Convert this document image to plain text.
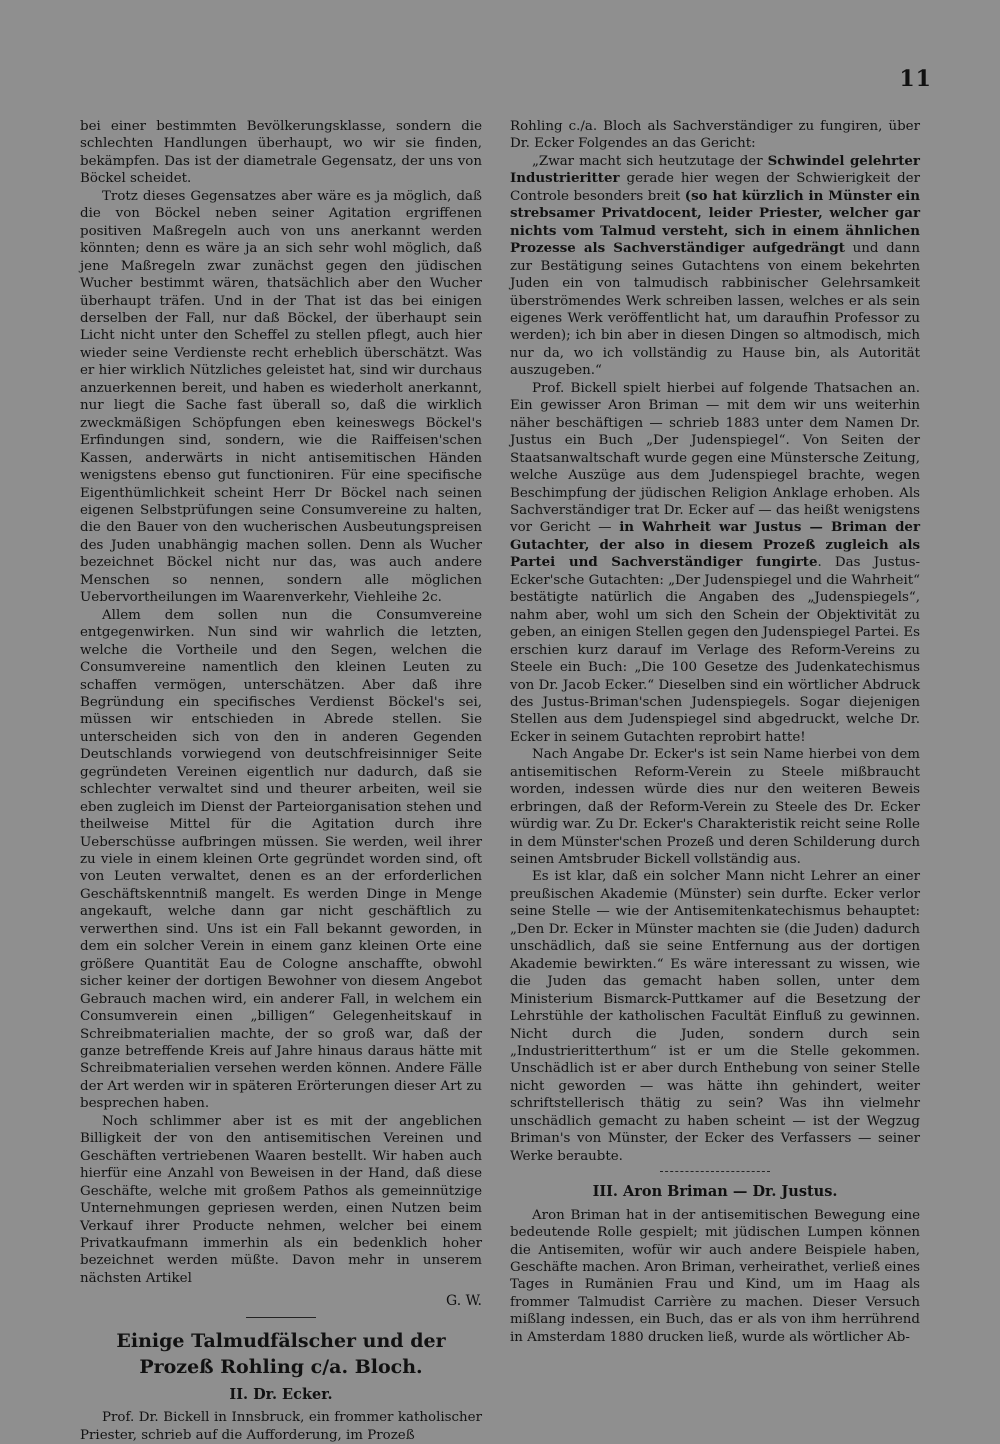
11

bei einer bestimmten Bevölkerungsklasse, sondern die schlechten Handlungen überhaupt, wo wir sie finden, bekämpfen. Das ist der diametrale Gegensatz, der uns von Böckel scheidet.

Trotz dieses Gegensatzes aber wäre es ja möglich, daß die von Böckel neben seiner Agitation ergriffenen positiven Maßregeln auch von uns anerkannt werden könnten; denn es wäre ja an sich sehr wohl möglich, daß jene Maßregeln zwar zunächst gegen den jüdischen Wucher bestimmt wären, thatsächlich aber den Wucher überhaupt träfen. Und in der That ist das bei einigen derselben der Fall, nur daß Böckel, der überhaupt sein Licht nicht unter den Scheffel zu stellen pflegt, auch hier wieder seine Verdienste recht erheblich überschätzt. Was er hier wirklich Nützliches geleistet hat, sind wir durchaus anzuerkennen bereit, und haben es wiederholt anerkannt, nur liegt die Sache fast überall so, daß die wirklich zweckmäßigen Schöpfungen eben keineswegs Böckel's Erfindungen sind, sondern, wie die Raiffeisen'schen Kassen, anderwärts in nicht antisemitischen Händen wenigstens ebenso gut functioniren. Für eine specifische Eigenthümlichkeit scheint Herr Dr Böckel nach seinen eigenen Selbstprüfungen seine Consumvereine zu halten, die den Bauer von den wucherischen Ausbeutungspreisen des Juden unabhängig machen sollen. Denn als Wucher bezeichnet Böckel nicht nur das, was auch andere Menschen so nennen, sondern alle möglichen Uebervortheilungen im Waarenverkehr, Viehleihe 2c.

Allem dem sollen nun die Consumvereine entgegenwirken. Nun sind wir wahrlich die letzten, welche die Vortheile und den Segen, welchen die Consumvereine namentlich den kleinen Leuten zu schaffen vermögen, unterschätzen. Aber daß ihre Begründung ein specifisches Verdienst Böckel's sei, müssen wir entschieden in Abrede stellen. Sie unterscheiden sich von den in anderen Gegenden Deutschlands vorwiegend von deutschfreisinniger Seite gegründeten Vereinen eigentlich nur dadurch, daß sie schlechter verwaltet sind und theurer arbeiten, weil sie eben zugleich im Dienst der Parteiorganisation stehen und theilweise Mittel für die Agitation durch ihre Ueberschüsse aufbringen müssen. Sie werden, weil ihrer zu viele in einem kleinen Orte gegründet worden sind, oft von Leuten verwaltet, denen es an der erforderlichen Geschäftskenntniß mangelt. Es werden Dinge in Menge angekauft, welche dann gar nicht geschäftlich zu verwerthen sind. Uns ist ein Fall bekannt geworden, in dem ein solcher Verein in einem ganz kleinen Orte eine größere Quantität Eau de Cologne anschaffte, obwohl sicher keiner der dortigen Bewohner von diesem Angebot Gebrauch machen wird, ein anderer Fall, in welchem ein Consumverein einen „billigen“ Gelegenheitskauf in Schreibmaterialien machte, der so groß war, daß der ganze betreffende Kreis auf Jahre hinaus daraus hätte mit Schreibmaterialien versehen werden können. Andere Fälle der Art werden wir in späteren Erörterungen dieser Art zu besprechen haben.

Noch schlimmer aber ist es mit der angeblichen Billigkeit der von den antisemitischen Vereinen und Geschäften vertriebenen Waaren bestellt. Wir haben auch hierfür eine Anzahl von Beweisen in der Hand, daß diese Geschäfte, welche mit großem Pathos als gemeinnützige Unternehmungen gepriesen werden, einen Nutzen beim Verkauf ihrer Producte nehmen, welcher bei einem Privatkaufmann immerhin als ein bedenklich hoher bezeichnet werden müßte. Davon mehr in unserem nächsten Artikel

G. W.
Einige Talmudfälscher und der Prozeß Rohling c/a. Bloch.
II. Dr. Ecker.

Prof. Dr. Bickell in Innsbruck, ein frommer katholischer Priester, schrieb auf die Aufforderung, im Prozeß

Rohling c./a. Bloch als Sachverständiger zu fungiren, über Dr. Ecker Folgendes an das Gericht:

„Zwar macht sich heutzutage der Schwindel gelehrter Industrieritter gerade hier wegen der Schwierigkeit der Controle besonders breit (so hat kürzlich in Münster ein strebsamer Privatdocent, leider Priester, welcher gar nichts vom Talmud versteht, sich in einem ähnlichen Prozesse als Sachverständiger aufgedrängt und dann zur Bestätigung seines Gutachtens von einem bekehrten Juden ein von talmudisch rabbinischer Gelehrsamkeit überströmendes Werk schreiben lassen, welches er als sein eigenes Werk veröffentlicht hat, um daraufhin Professor zu werden); ich bin aber in diesen Dingen so altmodisch, mich nur da, wo ich vollständig zu Hause bin, als Autorität auszugeben.“

Prof. Bickell spielt hierbei auf folgende Thatsachen an. Ein gewisser Aron Briman — mit dem wir uns weiterhin näher beschäftigen — schrieb 1883 unter dem Namen Dr. Justus ein Buch „Der Judenspiegel“. Von Seiten der Staatsanwaltschaft wurde gegen eine Münstersche Zeitung, welche Auszüge aus dem Judenspiegel brachte, wegen Beschimpfung der jüdischen Religion Anklage erhoben. Als Sachverständiger trat Dr. Ecker auf — das heißt wenigstens vor Gericht — in Wahrheit war Justus — Briman der Gutachter, der also in diesem Prozeß zugleich als Partei und Sachverständiger fungirte. Das Justus-Ecker'sche Gutachten: „Der Judenspiegel und die Wahrheit“ bestätigte natürlich die Angaben des „Judenspiegels“, nahm aber, wohl um sich den Schein der Objektivität zu geben, an einigen Stellen gegen den Judenspiegel Partei. Es erschien kurz darauf im Verlage des Reform-Vereins zu Steele ein Buch: „Die 100 Gesetze des Judenkatechismus von Dr. Jacob Ecker.“ Dieselben sind ein wörtlicher Abdruck des Justus-Briman'schen Judenspiegels. Sogar diejenigen Stellen aus dem Judenspiegel sind abgedruckt, welche Dr. Ecker in seinem Gutachten reprobirt hatte!

Nach Angabe Dr. Ecker's ist sein Name hierbei von dem antisemitischen Reform-Verein zu Steele mißbraucht worden, indessen würde dies nur den weiteren Beweis erbringen, daß der Reform-Verein zu Steele des Dr. Ecker würdig war. Zu Dr. Ecker's Charakteristik reicht seine Rolle in dem Münster'schen Prozeß und deren Schilderung durch seinen Amtsbruder Bickell vollständig aus.

Es ist klar, daß ein solcher Mann nicht Lehrer an einer preußischen Akademie (Münster) sein durfte. Ecker verlor seine Stelle — wie der Antisemitenkatechismus behauptet: „Den Dr. Ecker in Münster machten sie (die Juden) dadurch unschädlich, daß sie seine Entfernung aus der dortigen Akademie bewirkten.“ Es wäre interessant zu wissen, wie die Juden das gemacht haben sollen, unter dem Ministerium Bismarck-Puttkamer auf die Besetzung der Lehrstühle der katholischen Facultät Einfluß zu gewinnen. Nicht durch die Juden, sondern durch sein „Industrieritterthum“ ist er um die Stelle gekommen. Unschädlich ist er aber durch Enthebung von seiner Stelle nicht geworden — was hätte ihn gehindert, weiter schriftstellerisch thätig zu sein? Was ihn vielmehr unschädlich gemacht zu haben scheint — ist der Wegzug Briman's von Münster, der Ecker des Verfassers — seiner Werke beraubte.

III. Aron Briman — Dr. Justus.

Aron Briman hat in der antisemitischen Bewegung eine bedeutende Rolle gespielt; mit jüdischen Lumpen können die Antisemiten, wofür wir auch andere Beispiele haben, Geschäfte machen. Aron Briman, verheirathet, verließ eines Tages in Rumänien Frau und Kind, um im Haag als frommer Talmudist Carrière zu machen. Dieser Versuch mißlang indessen, ein Buch, das er als von ihm herrührend in Amsterdam 1880 drucken ließ, wurde als wörtlicher Ab-
